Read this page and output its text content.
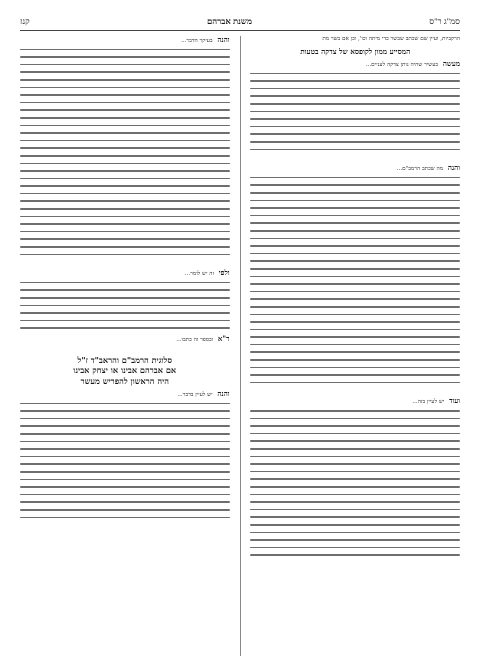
סמ"ג ר"ס
משנת אברהם
קנז

הרקביות, ועיין שם שכתב שבשר כדי מיתה וכו', וכן אם בשר מת

המסייע ממון לקופסא של צדקה בטעות

מעשה בעשיר שהיה נותן צדקה לעניים...

והנה מה שכתב הרמב"ם...

ועוד יש לעיין בזה...

והנה בעיקר הדבר...

ולפי זה יש לומר...

ר"א ובספר זה כתבו...

סלוגית הרמב"ם והראב"ד ז"ל
אם אברהם אבינו או יצחק אבינו
היה הראשון להפריש מעשר

והנה יש לעיין בדבר...
